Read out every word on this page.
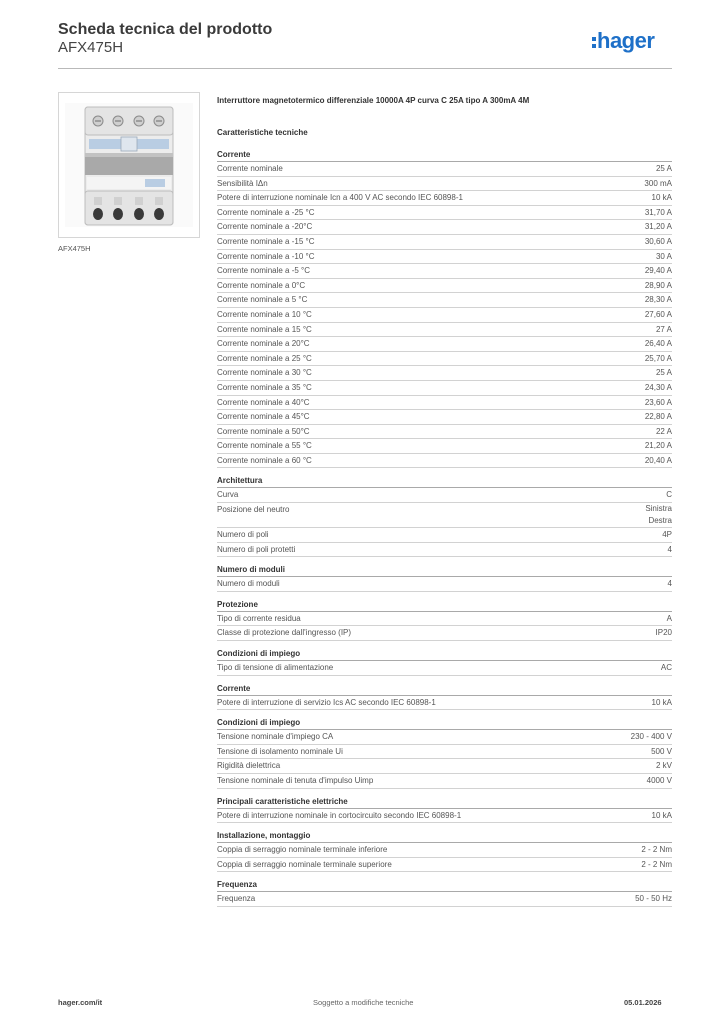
Scheda tecnica del prodotto
AFX475H	hager
AFX475H
Interruttore magnetotermico differenziale 10000A 4P curva C 25A tipo A 300mA 4M
Caratteristiche tecniche
Corrente
Corrente nominale	25 A
Sensibilità IΔn	300 mA
Potere di interruzione nominale Icn a 400 V AC secondo IEC 60898-1	10 kA
Corrente nominale a -25 °C	31,70 A
Corrente nominale a -20°C	31,20 A
Corrente nominale a -15 °C	30,60 A
Corrente nominale a -10 °C	30 A
Corrente nominale a -5 °C	29,40 A
Corrente nominale a 0°C	28,90 A
Corrente nominale a 5 °C	28,30 A
Corrente nominale a 10 °C	27,60 A
Corrente nominale a 15 °C	27 A
Corrente nominale a 20°C	26,40 A
Corrente nominale a 25 °C	25,70 A
Corrente nominale a 30 °C	25 A
Corrente nominale a 35 °C	24,30 A
Corrente nominale a 40°C	23,60 A
Corrente nominale a 45°C	22,80 A
Corrente nominale a 50°C	22 A
Corrente nominale a 55 °C	21,20 A
Corrente nominale a 60 °C	20,40 A
Architettura
Curva	C
Posizione del neutro	Sinistra
Destra
Numero di poli	4P
Numero di poli protetti	4
Numero di moduli
Numero di moduli	4
Protezione
Tipo di corrente residua	A
Classe di protezione dall'ingresso (IP)	IP20
Condizioni di impiego
Tipo di tensione di alimentazione	AC
Corrente
Potere di interruzione di servizio Ics AC secondo IEC 60898-1	10 kA
Condizioni di impiego
Tensione nominale d'impiego CA	230 - 400 V
Tensione di isolamento nominale Ui	500 V
Rigidità dielettrica	2 kV
Tensione nominale di tenuta d'impulso Uimp	4000 V
Principali caratteristiche elettriche
Potere di interruzione nominale in cortocircuito secondo IEC 60898-1	10 kA
Installazione, montaggio
Coppia di serraggio nominale terminale inferiore	2 - 2 Nm
Coppia di serraggio nominale terminale superiore	2 - 2 Nm
Frequenza
Frequenza	50 - 50 Hz
hager.com/it	Soggetto a modifiche tecniche	05.01.2026
